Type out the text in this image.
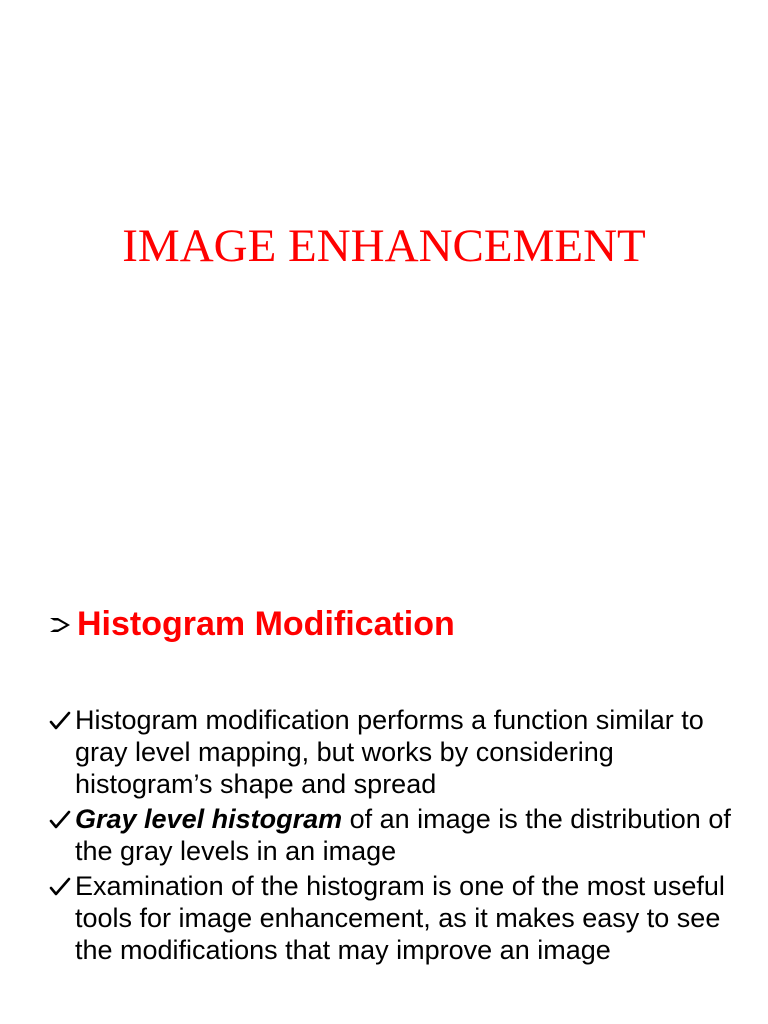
IMAGE ENHANCEMENT
Histogram Modification
Histogram modification performs a function similar to gray level mapping, but works by considering histogram’s shape and spread
Gray level histogram of an image is the distribution of the gray levels in an image
Examination of the histogram is one of the most useful tools for image enhancement, as it makes easy to see the modifications that may improve an image
